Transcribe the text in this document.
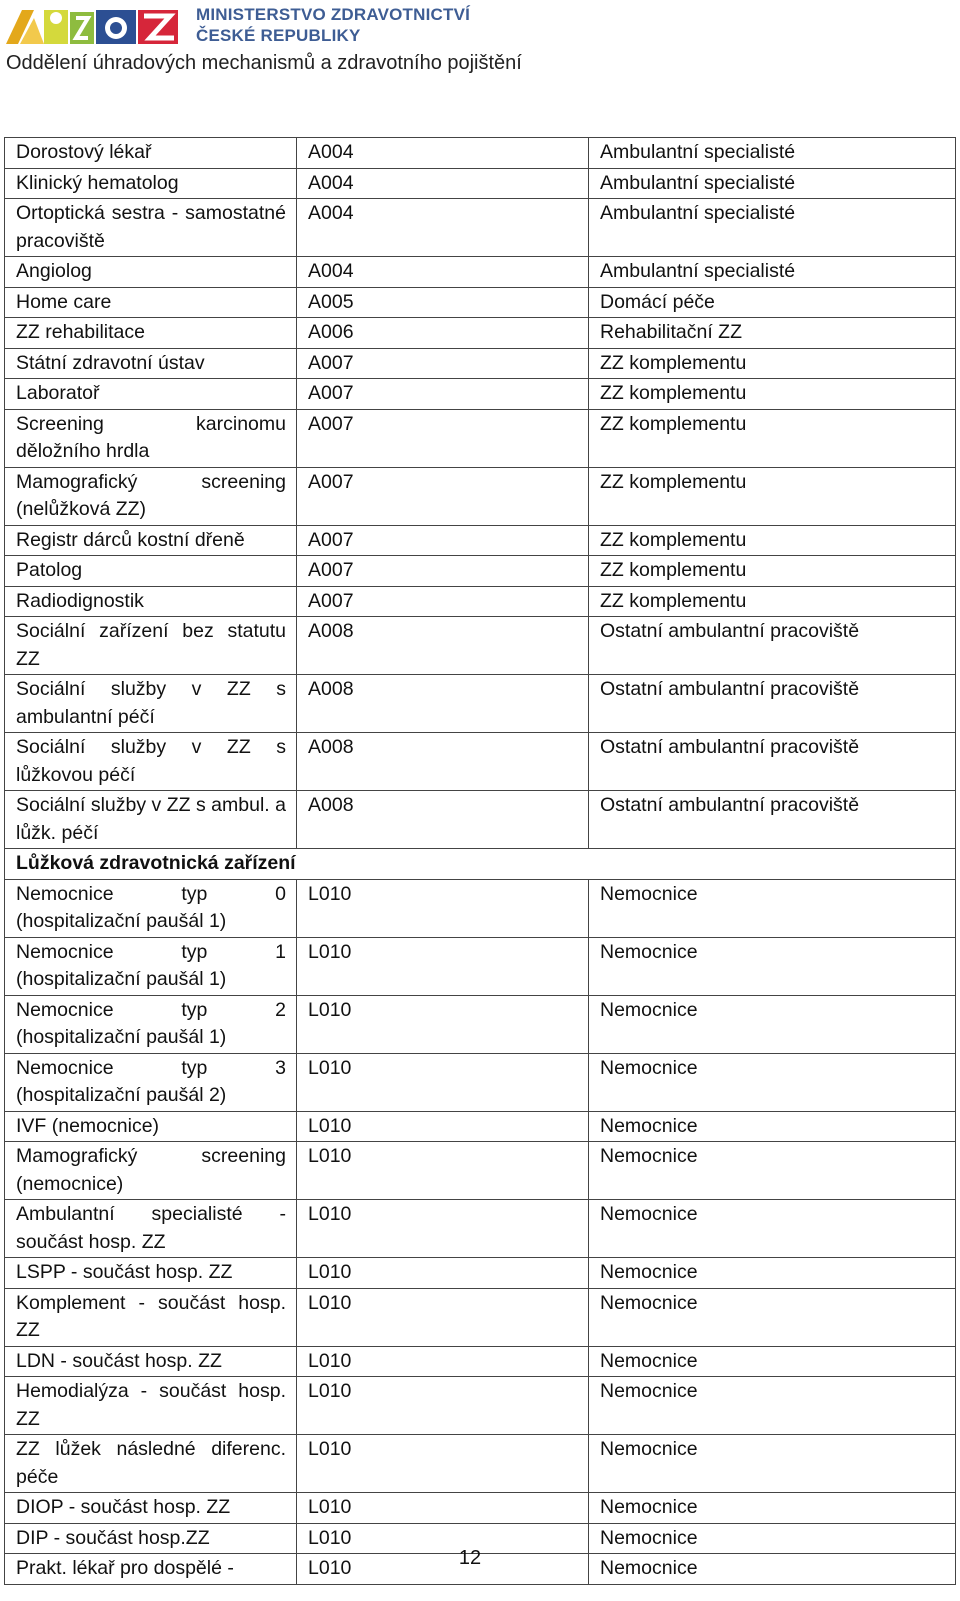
MINISTERSTVO ZDRAVOTNICTVÍ
ČESKÉ REPUBLIKY
Oddělení úhradových mechanismů a zdravotního pojištění
Dorostový lékař	A004	Ambulantní specialisté
Klinický hematolog	A004	Ambulantní specialisté
Ortoptická sestra - samostatné pracoviště	A004	Ambulantní specialisté
Angiolog	A004	Ambulantní specialisté
Home care	A005	Domácí péče
ZZ rehabilitace	A006	Rehabilitační ZZ
Státní zdravotní ústav	A007	ZZ komplementu
Laboratoř	A007	ZZ komplementu
Screening karcinomu děložního hrdla	A007	ZZ komplementu
Mamografický screening (nelůžková ZZ)	A007	ZZ komplementu
Registr dárců kostní dřeně	A007	ZZ komplementu
Patolog	A007	ZZ komplementu
Radiodignostik	A007	ZZ komplementu
Sociální zařízení bez statutu ZZ	A008	Ostatní ambulantní pracoviště
Sociální služby v ZZ s ambulantní péčí	A008	Ostatní ambulantní pracoviště
Sociální služby v ZZ s lůžkovou péčí	A008	Ostatní ambulantní pracoviště
Sociální služby v ZZ s ambul. a lůžk. péčí	A008	Ostatní ambulantní pracoviště
Lůžková zdravotnická zařízení		
Nemocnice typ 0 (hospitalizační paušál 1)	L010	Nemocnice
Nemocnice typ 1 (hospitalizační paušál 1)	L010	Nemocnice
Nemocnice typ 2 (hospitalizační paušál 1)	L010	Nemocnice
Nemocnice typ 3 (hospitalizační paušál 2)	L010	Nemocnice
IVF (nemocnice)	L010	Nemocnice
Mamografický screening (nemocnice)	L010	Nemocnice
Ambulantní specialisté - součást hosp. ZZ	L010	Nemocnice
LSPP - součást hosp. ZZ	L010	Nemocnice
Komplement - součást hosp. ZZ	L010	Nemocnice
LDN - součást hosp. ZZ	L010	Nemocnice
Hemodialýza - součást hosp. ZZ	L010	Nemocnice
ZZ lůžek následné diferenc. péče	L010	Nemocnice
DIOP - součást hosp. ZZ	L010	Nemocnice
DIP - součást hosp.ZZ	L010	Nemocnice
Prakt. lékař pro dospělé -	L010	Nemocnice
12
